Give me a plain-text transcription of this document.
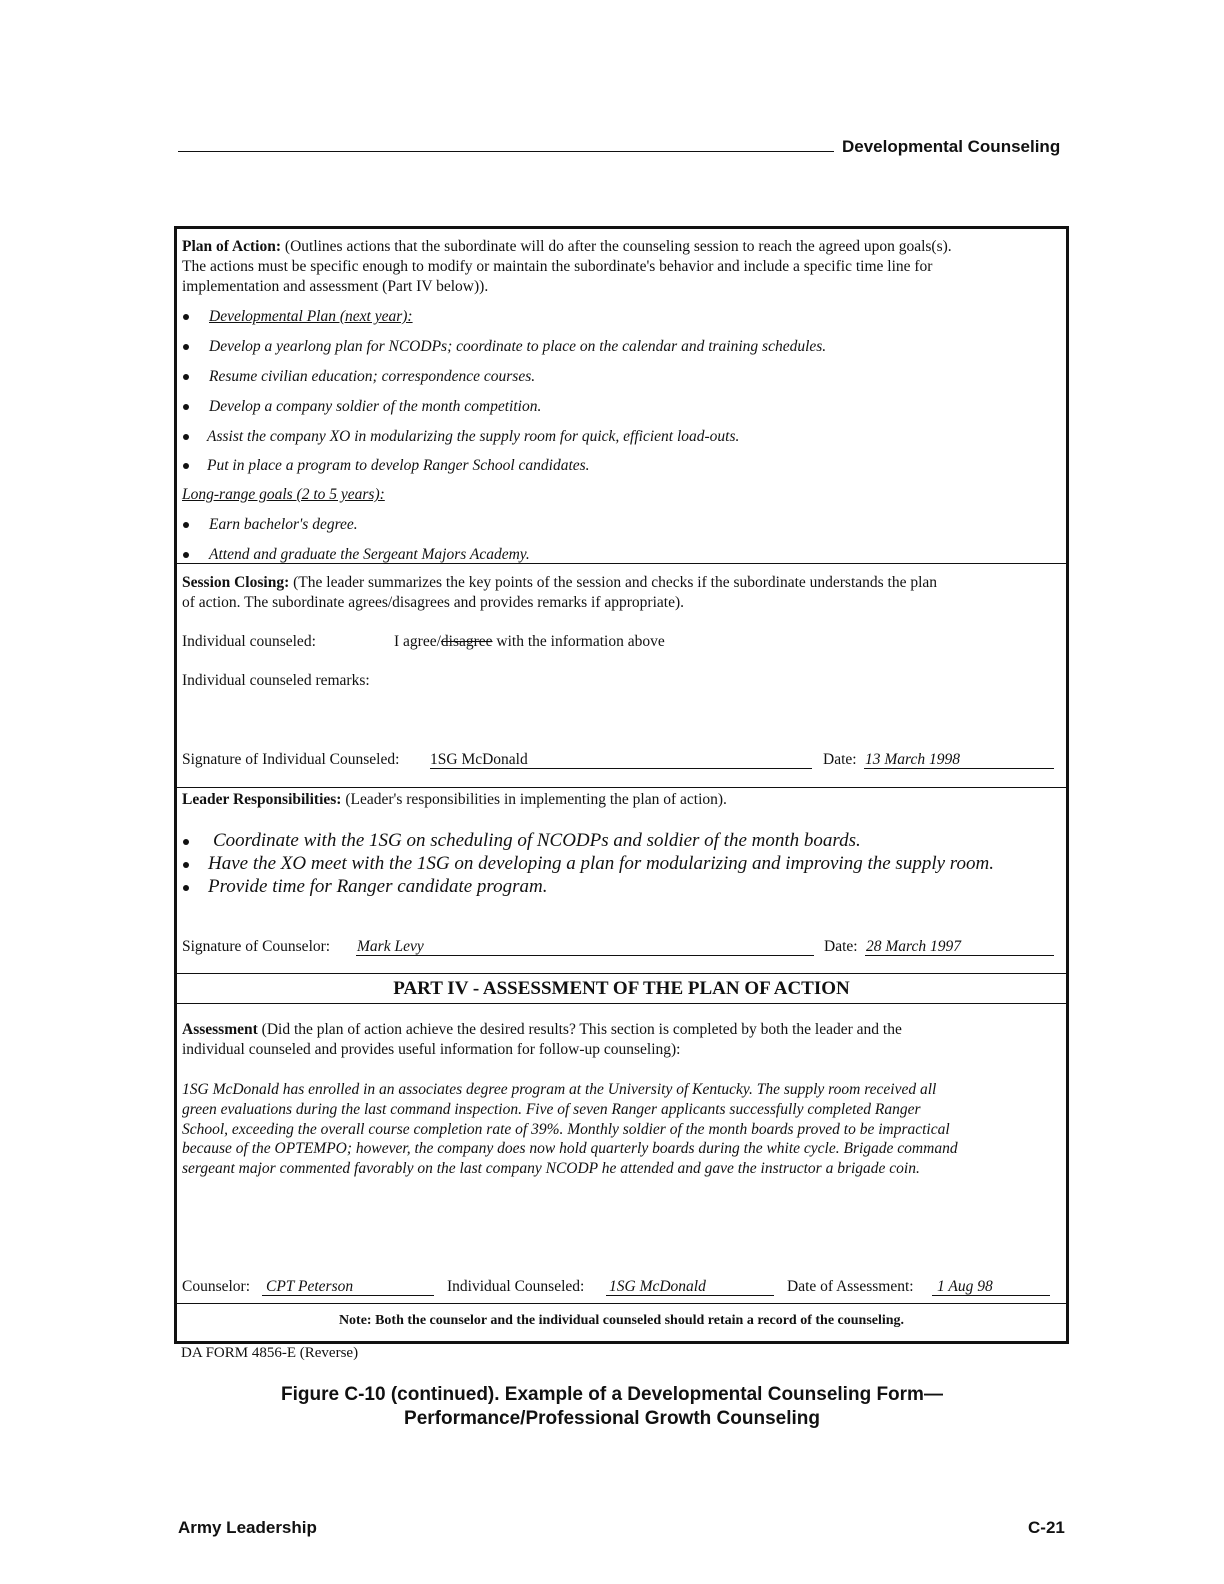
Developmental Counseling
Plan of Action: (Outlines actions that the subordinate will do after the counseling session to reach the agreed upon goals(s).
The actions must be specific enough to modify or maintain the subordinate's behavior and include a specific time line for
implementation and assessment (Part IV below)).
Developmental Plan (next year):
Develop a yearlong plan for NCODPs; coordinate to place on the calendar and training schedules.
Resume civilian education; correspondence courses.
Develop a company soldier of the month competition.
Assist the company XO in modularizing the supply room for quick, efficient load-outs.
Put in place a program to develop Ranger School candidates.
Long-range goals (2 to 5 years):
Earn bachelor's degree.
Attend and graduate the Sergeant Majors Academy.
Session Closing: (The leader summarizes the key points of the session and checks if the subordinate understands the plan
of action. The subordinate agrees/disagrees and provides remarks if appropriate).
Individual counseled:	I agree/disagree with the information above
Individual counseled remarks:
Signature of Individual Counseled: 1SG McDonald	Date: 13 March 1998
Leader Responsibilities: (Leader's responsibilities in implementing the plan of action).
Coordinate with the 1SG on scheduling of NCODPs and soldier of the month boards.
Have the XO meet with the 1SG on developing a plan for modularizing and improving the supply room.
Provide time for Ranger candidate program.
Signature of Counselor: Mark Levy	Date: 28 March 1997
PART IV - ASSESSMENT OF THE PLAN OF ACTION
Assessment (Did the plan of action achieve the desired results? This section is completed by both the leader and the
individual counseled and provides useful information for follow-up counseling):
1SG McDonald has enrolled in an associates degree program at the University of Kentucky. The supply room received all
green evaluations during the last command inspection. Five of seven Ranger applicants successfully completed Ranger
School, exceeding the overall course completion rate of 39%. Monthly soldier of the month boards proved to be impractical
because of the OPTEMPO; however, the company does now hold quarterly boards during the white cycle. Brigade command
sergeant major commented favorably on the last company NCODP he attended and gave the instructor a brigade coin.
Counselor: CPT Peterson	Individual Counseled: 1SG McDonald	Date of Assessment: 1 Aug 98
Note: Both the counselor and the individual counseled should retain a record of the counseling.
DA FORM 4856-E (Reverse)
Figure C-10 (continued). Example of a Developmental Counseling Form—
Performance/Professional Growth Counseling
Army Leadership	C-21
